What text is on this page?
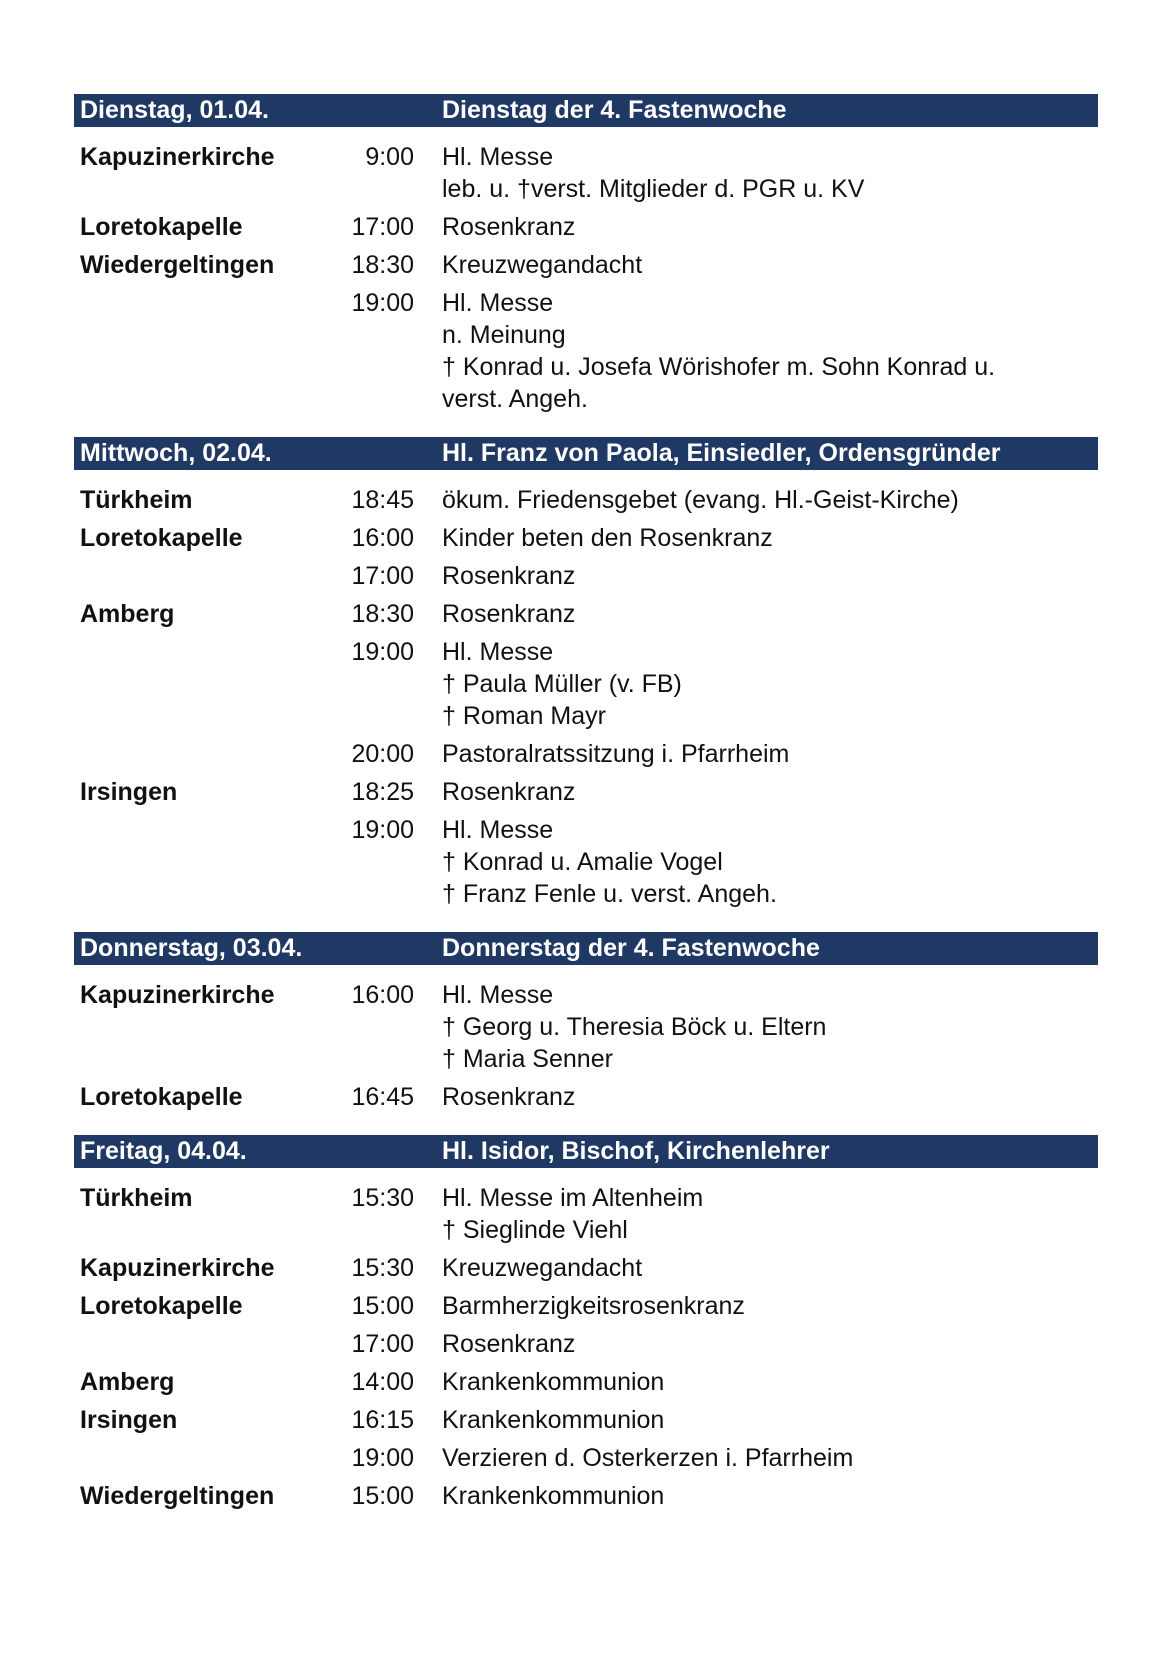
Dienstag, 01.04.	Dienstag der 4. Fastenwoche
Kapuzinerkirche	9:00 Hl. Messe
leb. u. †verst. Mitglieder d. PGR u. KV
Loretokapelle	17:00 Rosenkranz
Wiedergeltingen	18:30 Kreuzwegandacht
19:00 Hl. Messe
n. Meinung
† Konrad u. Josefa Wörishofer m. Sohn Konrad u.
verst. Angeh.
Mittwoch, 02.04.	Hl. Franz von Paola, Einsiedler, Ordensgründer
Türkheim	18:45 ökum. Friedensgebet (evang. Hl.-Geist-Kirche)
Loretokapelle	16:00 Kinder beten den Rosenkranz
17:00 Rosenkranz
Amberg	18:30 Rosenkranz
19:00 Hl. Messe
† Paula Müller (v. FB)
† Roman Mayr
20:00 Pastoralratssitzung i. Pfarrheim
Irsingen	18:25 Rosenkranz
19:00 Hl. Messe
† Konrad u. Amalie Vogel
† Franz Fenle u. verst. Angeh.
Donnerstag, 03.04.	Donnerstag der 4. Fastenwoche
Kapuzinerkirche	16:00 Hl. Messe
† Georg u. Theresia Böck u. Eltern
† Maria Senner
Loretokapelle	16:45 Rosenkranz
Freitag, 04.04.	Hl. Isidor, Bischof, Kirchenlehrer
Türkheim	15:30 Hl. Messe im Altenheim
† Sieglinde Viehl
Kapuzinerkirche	15:30 Kreuzwegandacht
Loretokapelle	15:00 Barmherzigkeitsrosenkranz
17:00 Rosenkranz
Amberg	14:00 Krankenkommunion
Irsingen	16:15 Krankenkommunion
19:00 Verzieren d. Osterkerzen i. Pfarrheim
Wiedergeltingen	15:00 Krankenkommunion
